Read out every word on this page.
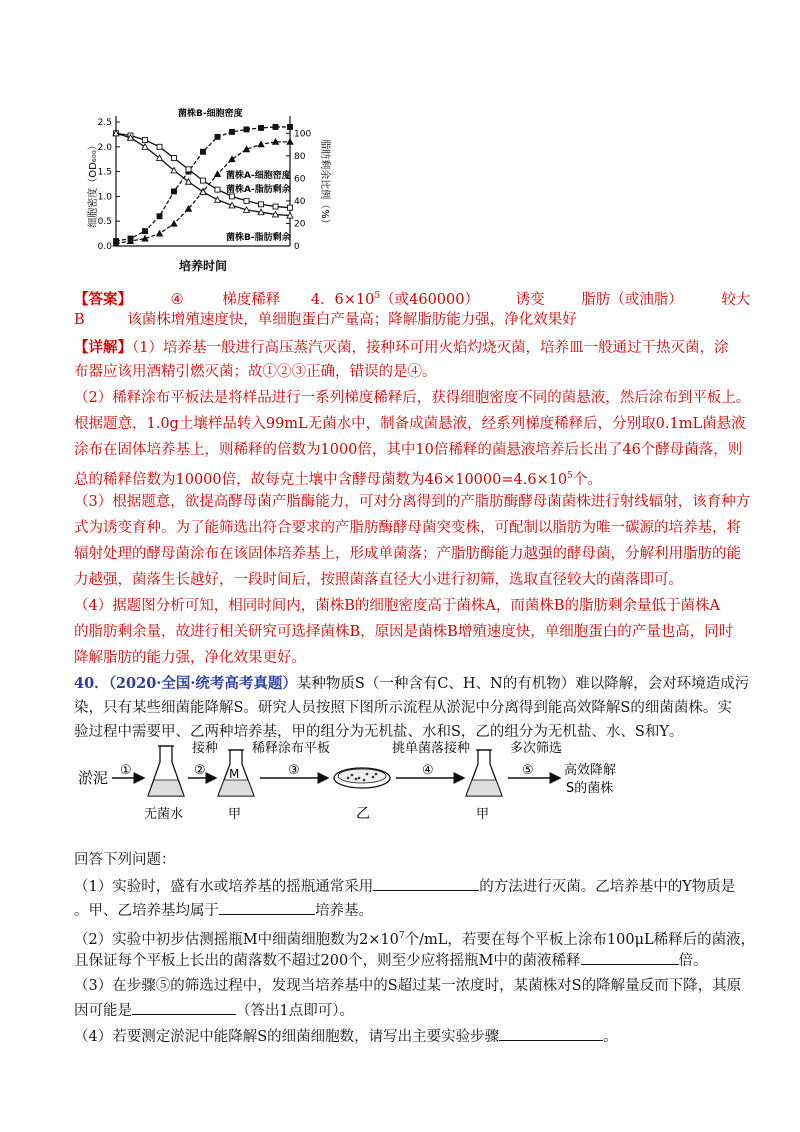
0.0
0.5
1.0
1.5
2.0
2.5
0
20
40
60
80
100
细胞密度（OD₆₀₀）	脂肪剩余比例（%）
培养时间
菌株B-细胞密度
菌株A-细胞密度
菌株A-脂肪剩余
菌株B-脂肪剩余
【答案】	④	梯度稀释 4．$6\times 10^5$（或460000）	诱变	脂肪（或油脂）	较大
B	该菌株增殖速度快，单细胞蛋白产量高；降解脂肪能力强，净化效果好
【详解】（1）培养基一般进行高压蒸汽灭菌，接种环可用火焰灼烧灭菌，培养皿一般通过干热灭菌，涂
布器应该用酒精引燃灭菌；故①②③正确，错误的是④。
（2）稀释涂布平板法是将样品进行一系列梯度稀释后，获得细胞密度不同的菌悬液，然后涂布到平板上。
根据题意，1.0g土壤样品转入99mL无菌水中，制备成菌悬液，经系列梯度稀释后，分别取0.1mL菌悬液
涂布在固体培养基上，则稀释的倍数为1000倍，其中10倍稀释的菌悬液培养后长出了46个酵母菌落，则
总的稀释倍数为10000倍，故每克土壤中含酵母菌数为$46\times 10000=4.6\times 10^5$个。
（3）根据题意，欲提高酵母菌产脂酶能力，可对分离得到的产脂肪酶酵母菌菌株进行射线辐射，该育种方
式为诱变育种。为了能筛选出符合要求的产脂肪酶酵母菌突变株，可配制以脂肪为唯一碳源的培养基，将
辐射处理的酵母菌涂布在该固体培养基上，形成单菌落；产脂肪酶能力越强的酵母菌，分解利用脂肪的能
力越强，菌落生长越好，一段时间后，按照菌落直径大小进行初筛，选取直径较大的菌落即可。
（4）据题图分析可知，相同时间内，菌株B的细胞密度高于菌株A，而菌株B的脂肪剩余量低于菌株A
的脂肪剩余量，故进行相关研究可选择菌株B，原因是菌株B增殖速度快，单细胞蛋白的产量也高，同时
降解脂肪的能力强，净化效果更好。
40．（2020·全国·统考高考真题）某种物质S（一种含有C、H、N的有机物）难以降解，会对环境造成污
染，只有某些细菌能降解S。研究人员按照下图所示流程从淤泥中分离得到能高效降解S的细菌菌株。实
验过程中需要甲、乙两种培养基，甲的组分为无机盐、水和S，乙的组分为无机盐、水、S和Y。
淤泥 ①
无菌水
②
接种
M
甲
③
稀释涂布平板
乙
④
挑单菌落接种
甲
⑤
多次筛选
高效降解
S的菌株
回答下列问题：
（1）实验时，盛有水或培养基的摇瓶通常采用	的方法进行灭菌。乙培养基中的Y物质是
。甲、乙培养基均属于	培养基。
（2）实验中初步估测摇瓶M中细菌细胞数为$2\times 10^7$个/mL，若要在每个平板上涂布100μL稀释后的菌液，
且保证每个平板上长出的菌落数不超过200个，则至少应将摇瓶M中的菌液稀释	倍。
（3）在步骤⑤的筛选过程中，发现当培养基中的S超过某一浓度时，某菌株对S的降解量反而下降，其原
因可能是	（答出1点即可）。
（4）若要测定淤泥中能降解S的细菌细胞数，请写出主要实验步骤	。
